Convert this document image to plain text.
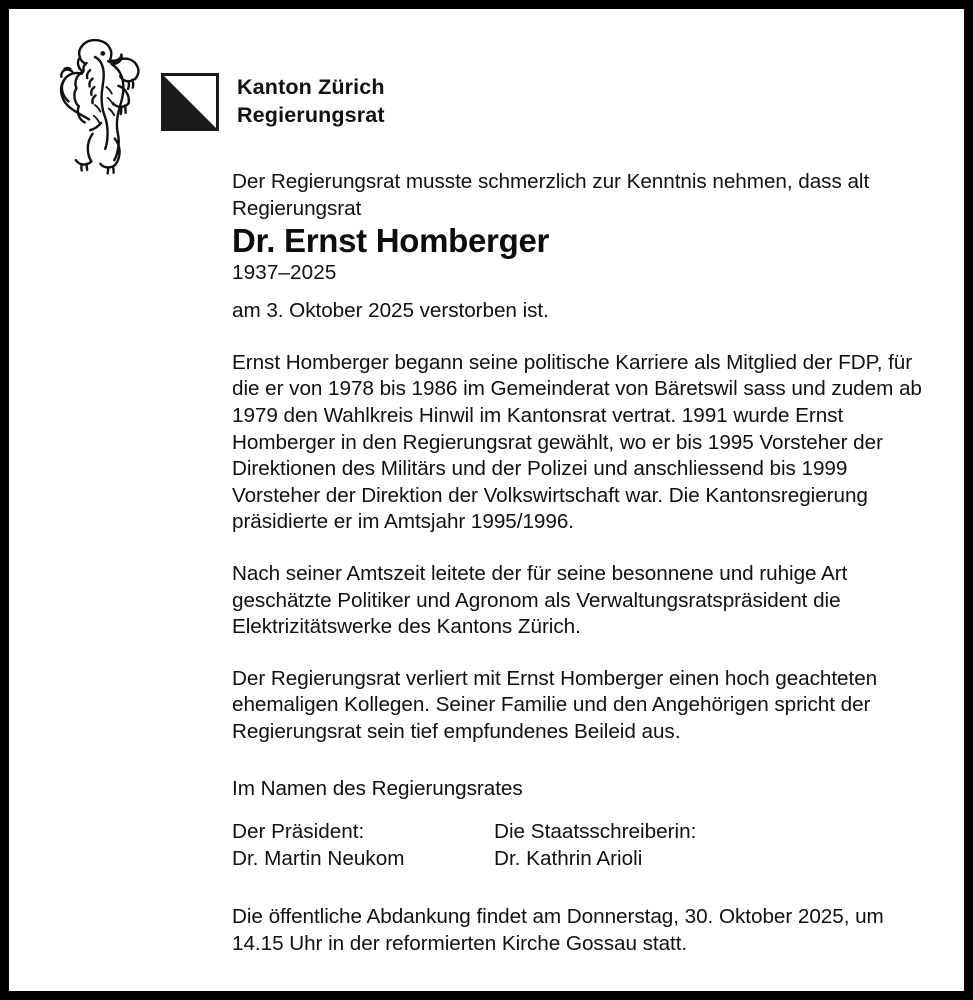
Kanton Zürich
Regierungsrat

Der Regierungsrat musste schmerzlich zur Kenntnis nehmen, dass alt Regierungsrat

Dr. Ernst Homberger

1937–2025

am 3. Oktober 2025 verstorben ist.

Ernst Homberger begann seine politische Karriere als Mitglied der FDP, für die er von 1978 bis 1986 im Gemeinderat von Bäretswil sass und zudem ab 1979 den Wahlkreis Hinwil im Kantonsrat vertrat. 1991 wurde Ernst Homberger in den Regierungsrat gewählt, wo er bis 1995 Vorsteher der Direktionen des Militärs und der Polizei und anschliessend bis 1999 Vorsteher der Direktion der Volkswirtschaft war. Die Kantonsregierung präsidierte er im Amtsjahr 1995/1996.

Nach seiner Amtszeit leitete der für seine besonnene und ruhige Art geschätzte Politiker und Agronom als Verwaltungsratspräsident die Elektrizitätswerke des Kantons Zürich.

Der Regierungsrat verliert mit Ernst Homberger einen hoch geachteten ehemaligen Kollegen. Seiner Familie und den Angehörigen spricht der Regierungsrat sein tief empfundenes Beileid aus.

Im Namen des Regierungsrates

Der Präsident:	Die Staatsschreiberin:
Dr. Martin Neukom	Dr. Kathrin Arioli

Die öffentliche Abdankung findet am Donnerstag, 30. Oktober 2025, um 14.15 Uhr in der reformierten Kirche Gossau statt.
